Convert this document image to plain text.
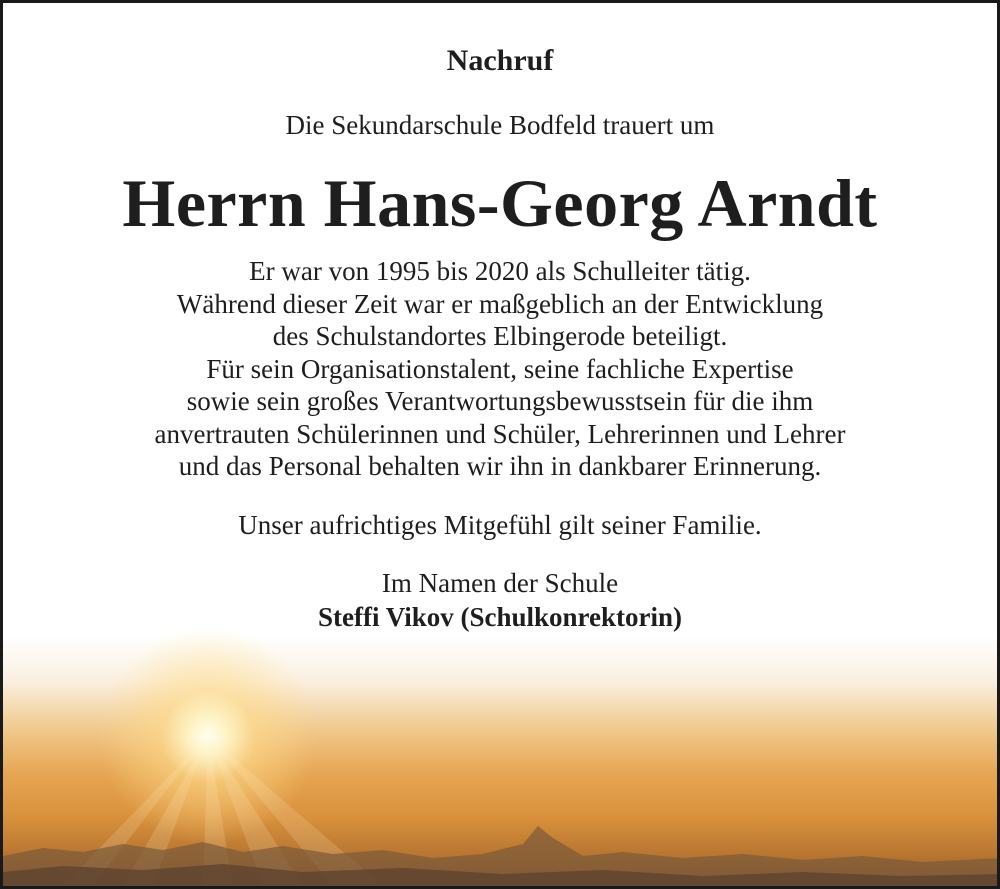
Nachruf

Die Sekundarschule Bodfeld trauert um

Herrn Hans-Georg Arndt

Er war von 1995 bis 2020 als Schulleiter tätig.
Während dieser Zeit war er maßgeblich an der Entwicklung
des Schulstandortes Elbingerode beteiligt.
Für sein Organisationstalent, seine fachliche Expertise
sowie sein großes Verantwortungsbewusstsein für die ihm
anvertrauten Schülerinnen und Schüler, Lehrerinnen und Lehrer
und das Personal behalten wir ihn in dankbarer Erinnerung.

Unser aufrichtiges Mitgefühl gilt seiner Familie.

Im Namen der Schule

Steffi Vikov (Schulkonrektorin)
